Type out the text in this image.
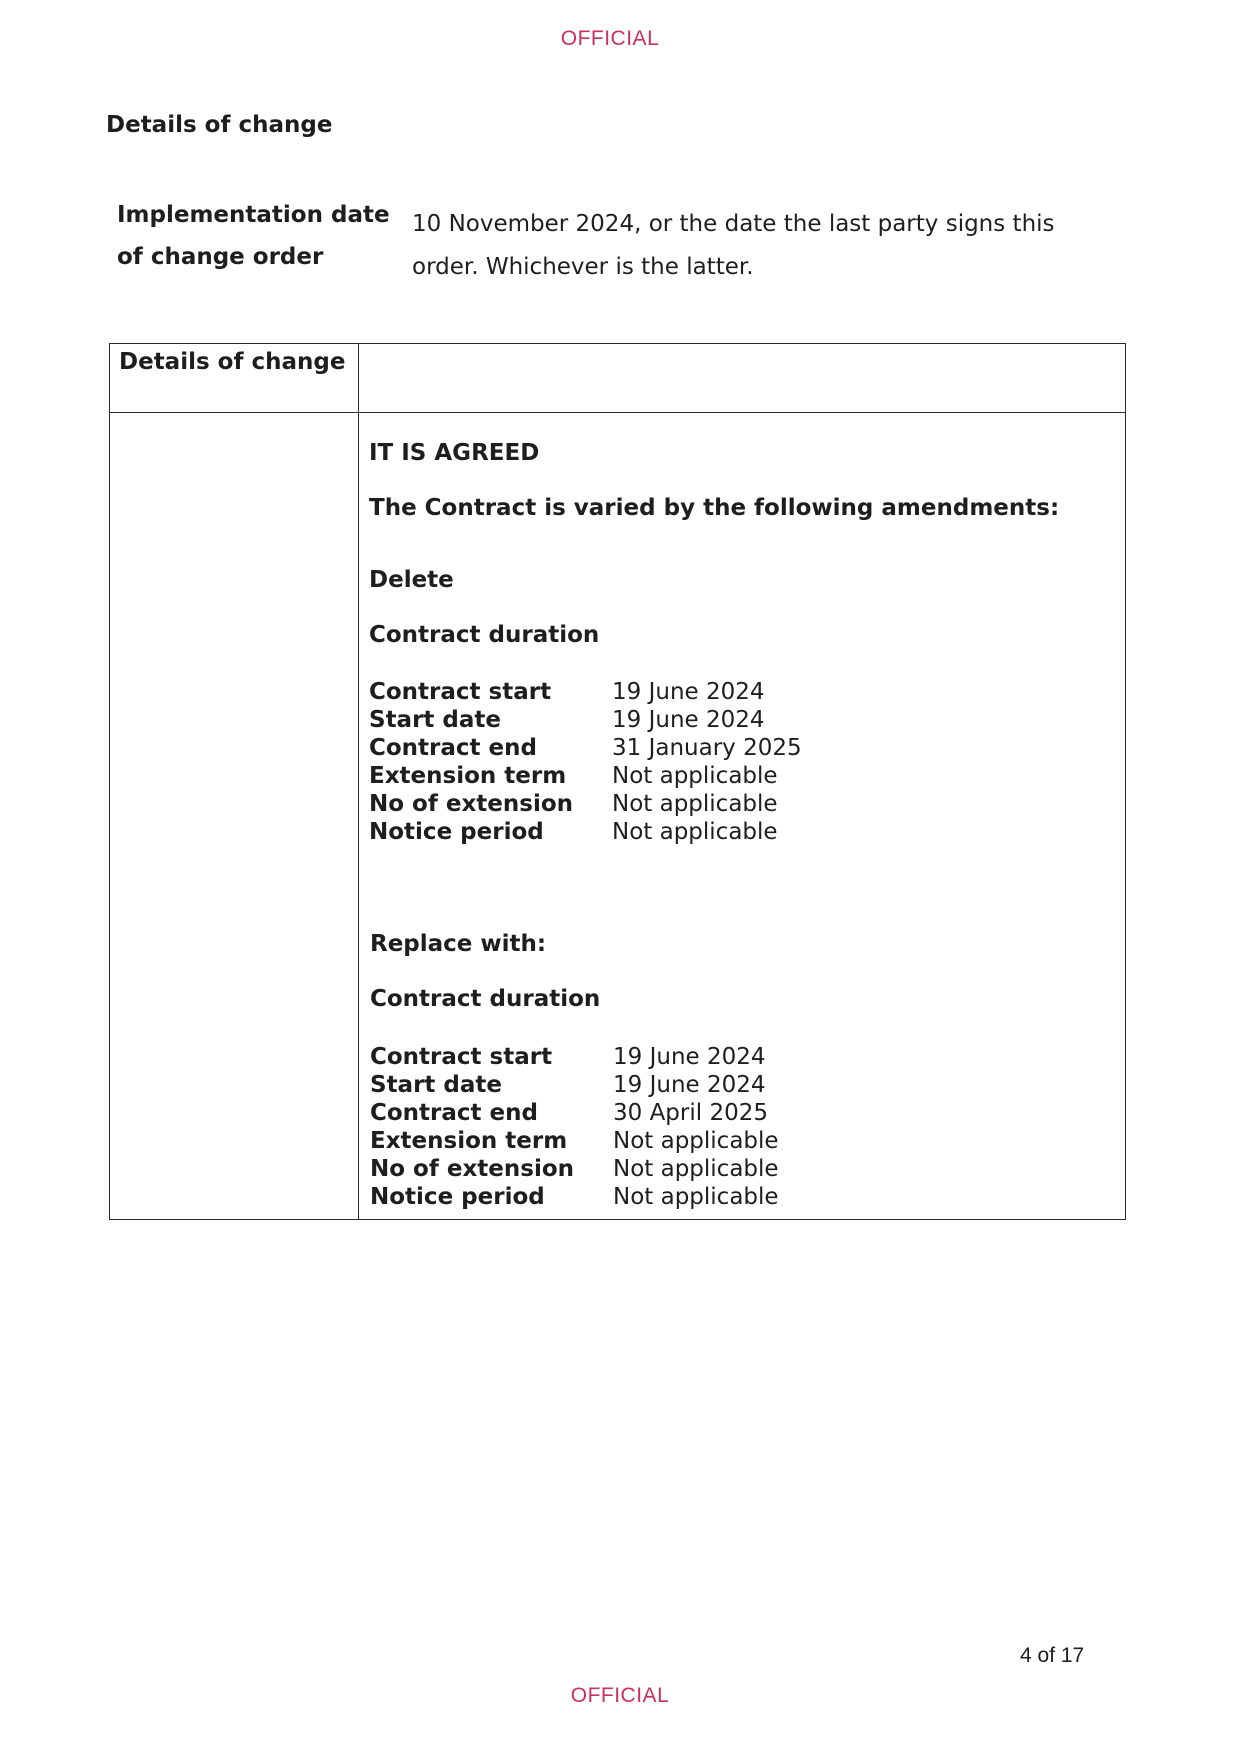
OFFICIAL
Details of change
Implementation date
of change order
10 November 2024, or the date the last party signs this
order. Whichever is the latter.
Details of change
IT IS AGREED
The Contract is varied by the following amendments:
Delete
Contract duration
Contract start	19 June 2024
Start date	19 June 2024
Contract end	31 January 2025
Extension term	Not applicable
No of extension	Not applicable
Notice period	Not applicable
Replace with:
Contract duration
Contract start	19 June 2024
Start date	19 June 2024
Contract end	30 April 2025
Extension term	Not applicable
No of extension	Not applicable
Notice period	Not applicable
4 of 17
OFFICIAL
